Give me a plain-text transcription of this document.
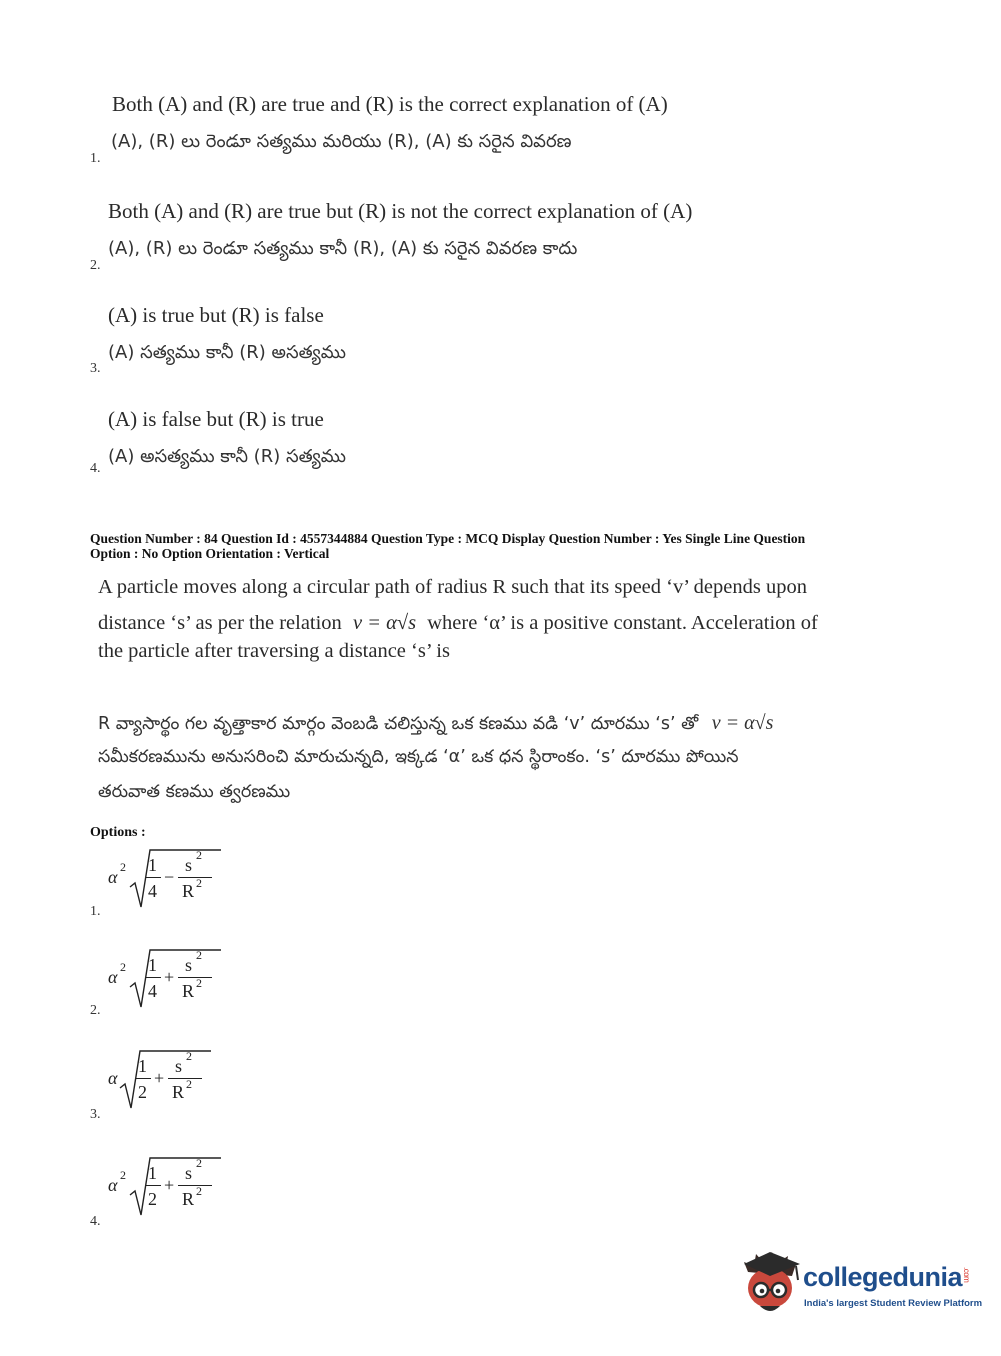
Both (A) and (R) are true and (R) is the correct explanation of (A)
(A), (R) లు రెండూ సత్యము మరియు (R), (A) కు సరైన వివరణ
1.
Both (A) and (R) are true but (R) is not the correct explanation of (A)
(A), (R) లు రెండూ సత్యము కానీ (R), (A) కు సరైన వివరణ కాదు
2.
(A) is true but (R) is false
(A) సత్యము కానీ (R) అసత్యము
3.
(A) is false but (R) is true
(A) అసత్యము కానీ (R) సత్యము
4.
Question Number : 84 Question Id : 4557344884 Question Type : MCQ Display Question Number : Yes Single Line Question
Option : No Option Orientation : Vertical
A particle moves along a circular path of radius R such that its speed ‘v’ depends upon
distance ‘s’ as per the relation v = α√s where ‘α’ is a positive constant. Acceleration of
the particle after traversing a distance ‘s’ is
R వ్యాసార్థం గల వృత్తాకార మార్గం వెంబడి చలిస్తున్న ఒక కణము వడి ‘v’ దూరము ‘s’ తో v = α√s
సమీకరణమును అనుసరించి మారుచున్నది, ఇక్కడ ‘α’ ఒక ధన స్థిరాంకం. ‘s’ దూరము పోయిన
తరువాత కణము త్వరణము
Options :
α 2 1
4
−
s 2
R 2
1.
α 2 1
4
+
s 2
R 2
2.
α
1
2
+
s 2
R 2
3.
α 2 1
2
+
s 2
R 2
4.
collegedunia.com
India's largest Student Review Platform
